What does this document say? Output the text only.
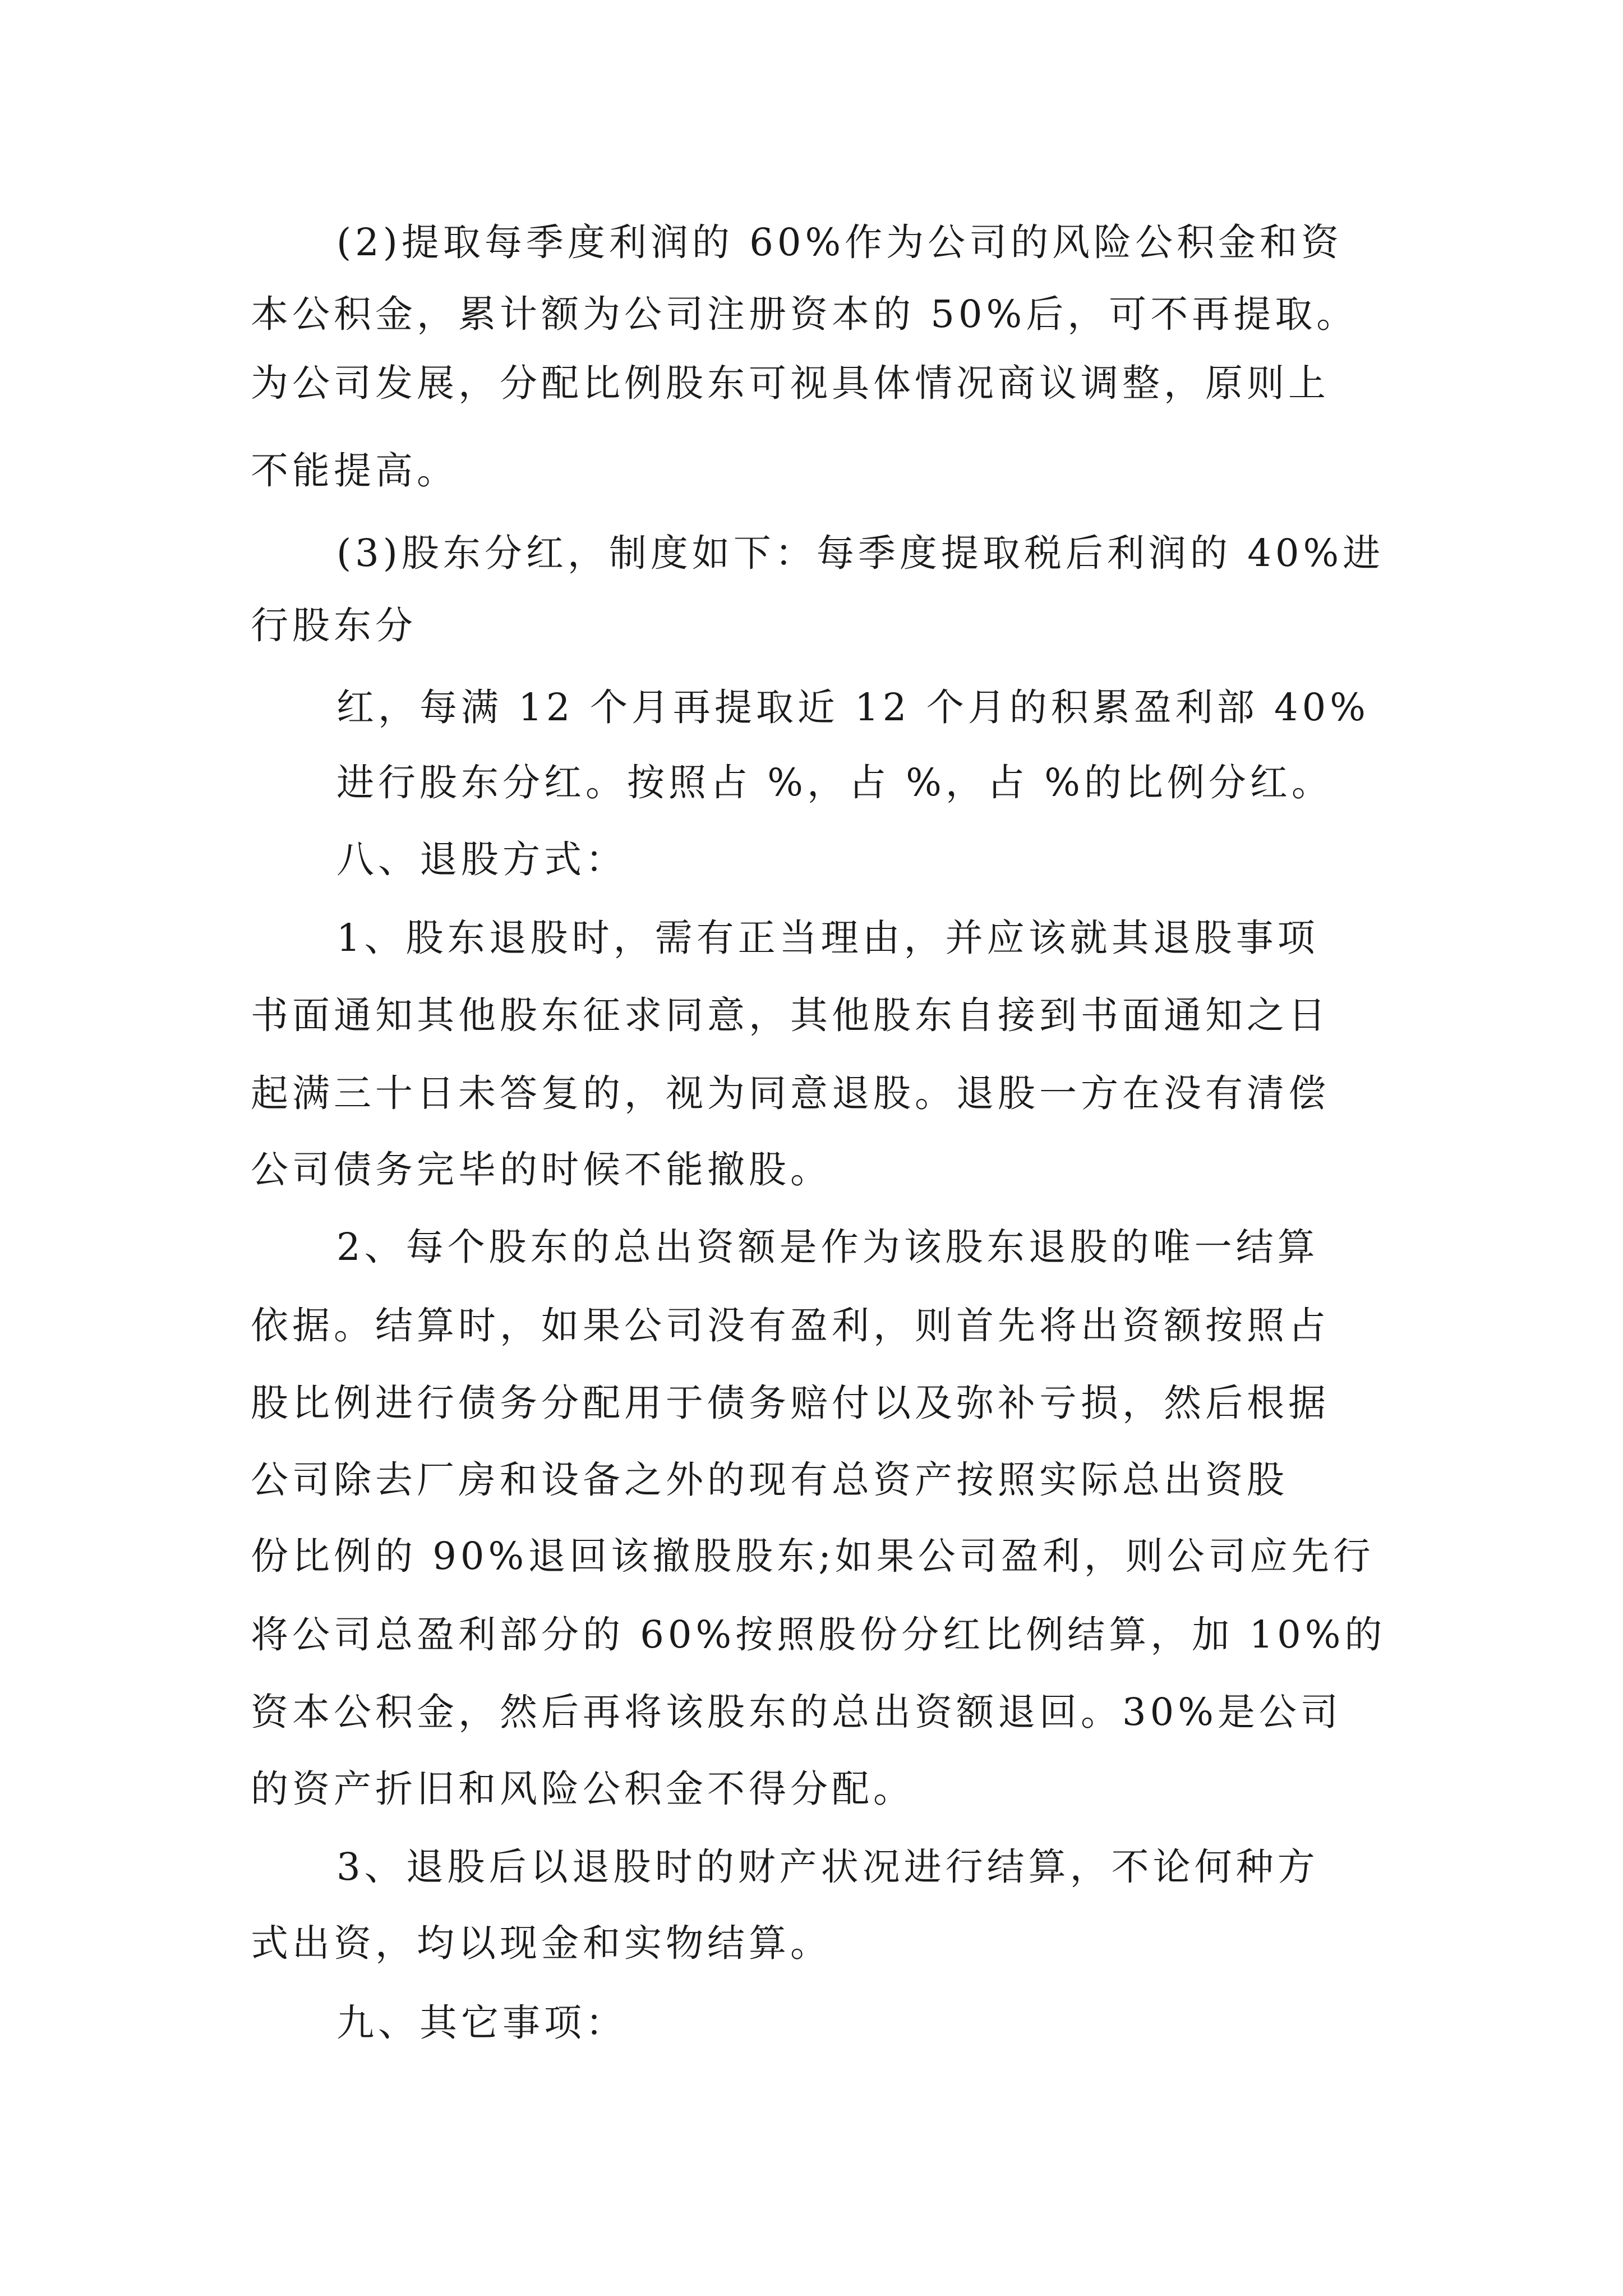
(2)提取每季度利润的 60%作为公司的风险公积金和资

本公积金，累计额为公司注册资本的 50%后，可不再提取。

为公司发展，分配比例股东可视具体情况商议调整，原则上

不能提高。

(3)股东分红，制度如下：每季度提取税后利润的 40%进

行股东分

红，每满 12 个月再提取近 12 个月的积累盈利部 40%

进行股东分红。按照占 %，占 %，占 %的比例分红。

八、退股方式：

1、股东退股时，需有正当理由，并应该就其退股事项

书面通知其他股东征求同意，其他股东自接到书面通知之日

起满三十日未答复的，视为同意退股。退股一方在没有清偿

公司债务完毕的时候不能撤股。

2、每个股东的总出资额是作为该股东退股的唯一结算

依据。结算时，如果公司没有盈利，则首先将出资额按照占

股比例进行债务分配用于债务赔付以及弥补亏损，然后根据

公司除去厂房和设备之外的现有总资产按照实际总出资股

份比例的 90%退回该撤股股东;如果公司盈利，则公司应先行

将公司总盈利部分的 60%按照股份分红比例结算，加 10%的

资本公积金，然后再将该股东的总出资额退回。30%是公司

的资产折旧和风险公积金不得分配。

3、退股后以退股时的财产状况进行结算，不论何种方

式出资，均以现金和实物结算。

九、其它事项：
